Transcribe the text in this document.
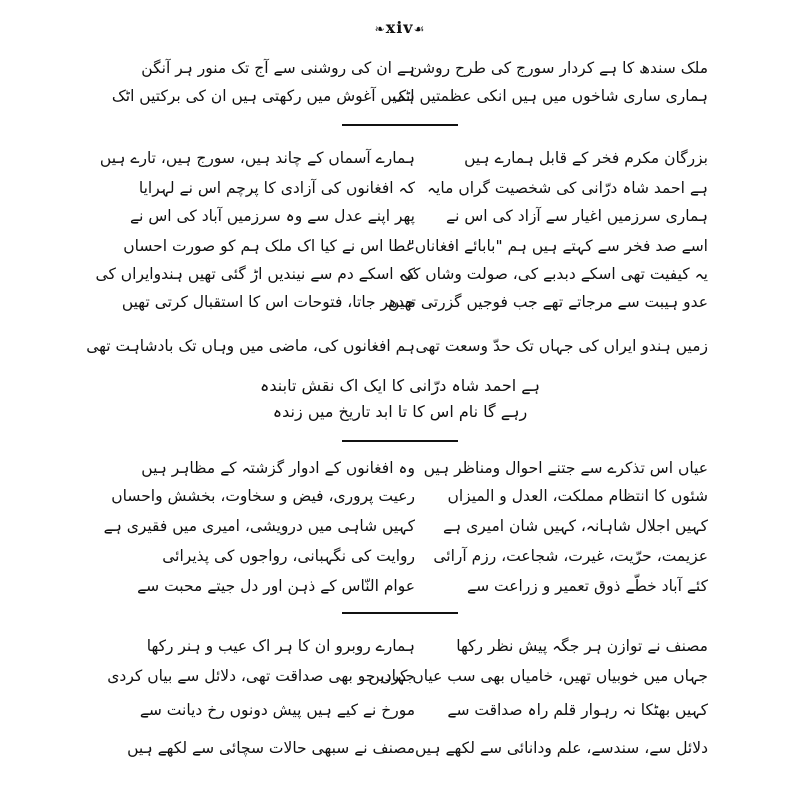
❧xiv☙
ملک سندھ کا ہے کردار سورج کی طرح روشن
ہماری ساری شاخوں میں ہیں انکی عظمتیں اٹک
ہے ان کی روشنی سے آج تک منور ہر آنگن
ہمیں آغوش میں رکھتی ہیں ان کی برکتیں اٹک
بزرگان مکرم فخر کے قابل ہمارے ہیں
ہے احمد شاہ درّانی کی شخصیت گراں مایہ
ہماری سرزمیں اغیار سے آزاد کی اس نے
اسے صد فخر سے کہتے ہیں ہم "بابائے افغاناں"
یہ کیفیت تھی اسکے دبدبے کی، صولت وشاں کی
عدو ہیبت سے مرجاتے تھے جب فوجیں گزرتی تھیں
زمیں ہندو ایراں کی جہاں تک حدّ وسعت تھی
ہمارے آسماں کے چاند ہیں، سورج ہیں، تارے ہیں
کہ افغانوں کی آزادی کا پرچم اس نے لہرایا
پھر اپنے عدل سے وہ سرزمیں آباد کی اس نے
عطا اس نے کیا اک ملک ہم کو صورت احساں
کہ اسکے دم سے نیندیں اڑ گئی تھیں ہندوایراں کی
جدھر جاتا، فتوحات اس کا استقبال کرتی تھیں
ہم افغانوں کی، ماضی میں وہاں تک بادشاہت تھی
ہے احمد شاہ درّانی کا ایک اک نقش تابندہ
رہے گا نام اس کا تا ابد تاریخ میں زندہ
عیاں اس تذکرے سے جتنے احوال ومناظر ہیں
شئوں کا انتظام مملکت، العدل و المیزاں
کہیں اجلال شاہانہ، کہیں شان امیری ہے
عزیمت، حرّیت، غیرت، شجاعت، رزم آرائی
کئے آباد خطّے ذوق تعمیر و زراعت سے
وہ افغانوں کے ادوار گزشتہ کے مظاہر ہیں
رعیت پروری، فیض و سخاوت، بخشش واحساں
کہیں شاہی میں درویشی، امیری میں فقیری ہے
روایت کی نگہبانی، رواجوں کی پذیرائی
عوام النّاس کے ذہن اور دل جیتے محبت سے
مصنف نے توازن ہر جگہ پیش نظر رکھا
جہاں میں خوبیاں تھیں، خامیاں بھی سب عیاں کردیں
کہیں بھٹکا نہ رہوار قلم راہ صداقت سے
دلائل سے، سندسے، علم ودانائی سے لکھے ہیں
ہمارے روبرو ان کا ہر اک عیب و ہنر رکھا
جہاں جو بھی صداقت تھی، دلائل سے بیاں کردی
مورخ نے کیے ہیں پیش دونوں رخ دیانت سے
مصنف نے سبھی حالات سچائی سے لکھے ہیں
